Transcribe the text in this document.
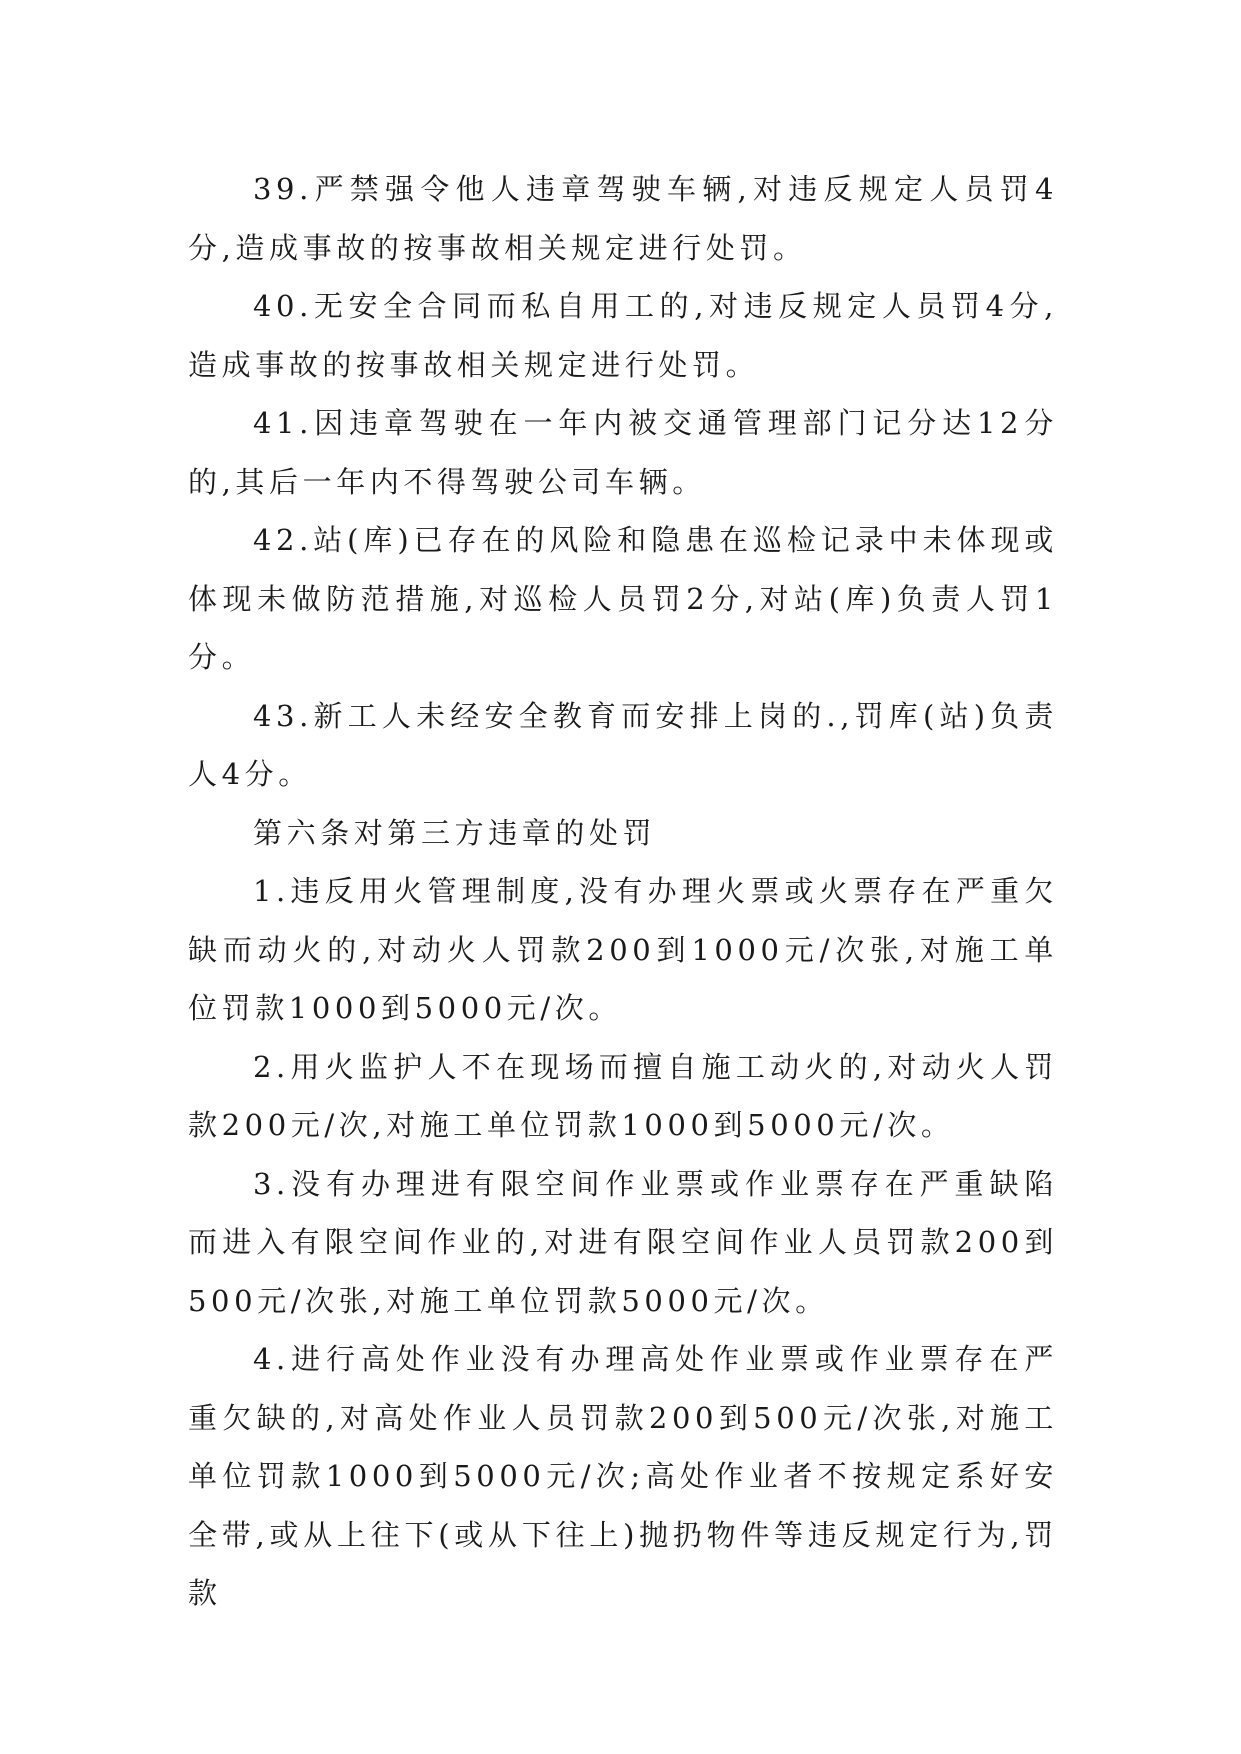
39.严禁强令他人违章驾驶车辆,对违反规定人员罚4分,造成事故的按事故相关规定进行处罚。

40.无安全合同而私自用工的,对违反规定人员罚4分,造成事故的按事故相关规定进行处罚。

41.因违章驾驶在一年内被交通管理部门记分达12分的,其后一年内不得驾驶公司车辆。

42.站(库)已存在的风险和隐患在巡检记录中未体现或体现未做防范措施,对巡检人员罚2分,对站(库)负责人罚1分。

43.新工人未经安全教育而安排上岗的.,罚库(站)负责人4分。

第六条对第三方违章的处罚

1.违反用火管理制度,没有办理火票或火票存在严重欠缺而动火的,对动火人罚款200到1000元/次张,对施工单位罚款1000到5000元/次。

2.用火监护人不在现场而擅自施工动火的,对动火人罚款200元/次,对施工单位罚款1000到5000元/次。

3.没有办理进有限空间作业票或作业票存在严重缺陷而进入有限空间作业的,对进有限空间作业人员罚款200到500元/次张,对施工单位罚款5000元/次。

4.进行高处作业没有办理高处作业票或作业票存在严重欠缺的,对高处作业人员罚款200到500元/次张,对施工单位罚款1000到5000元/次;高处作业者不按规定系好安全带,或从上往下(或从下往上)抛扔物件等违反规定行为,罚款
